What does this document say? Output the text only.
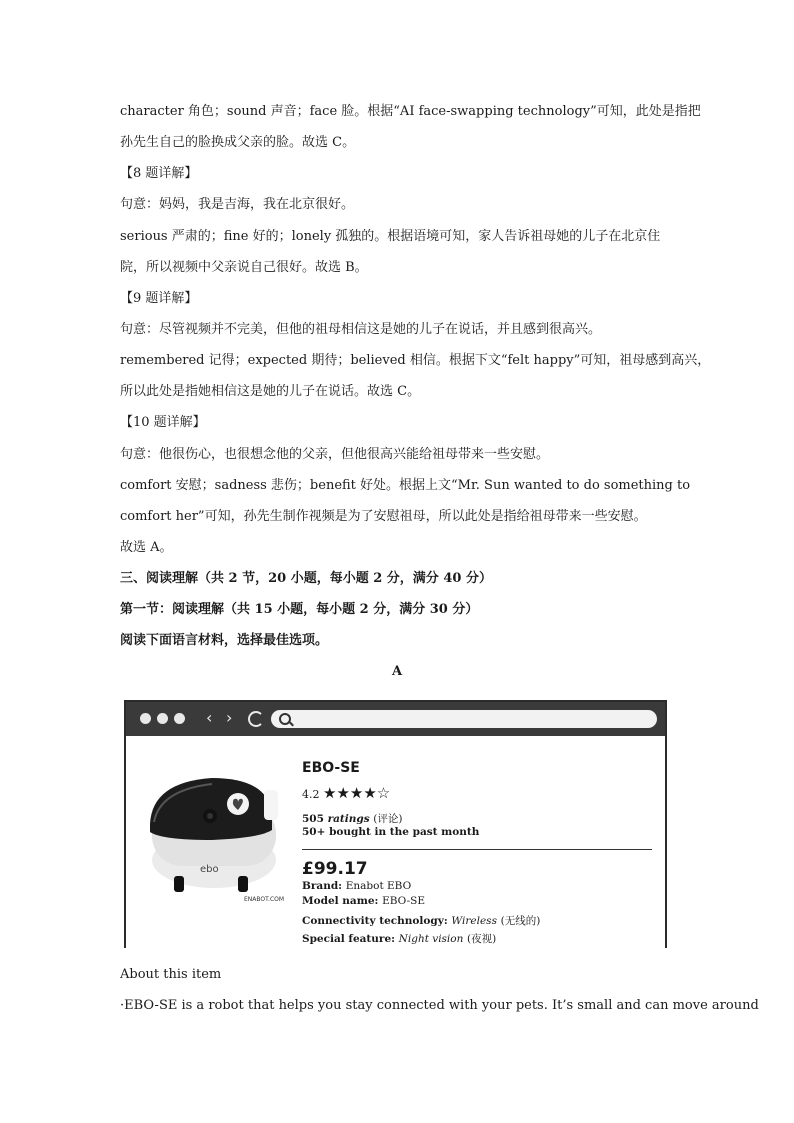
character 角色；sound 声音；face 脸。根据“AI face-swapping technology”可知，此处是指把
孙先生自己的脸换成父亲的脸。故选 C。
【8 题详解】
句意：妈妈，我是吉海，我在北京很好。
serious 严肃的；fine 好的；lonely 孤独的。根据语境可知，家人告诉祖母她的儿子在北京住
院，所以视频中父亲说自己很好。故选 B。
【9 题详解】
句意：尽管视频并不完美，但他的祖母相信这是她的儿子在说话，并且感到很高兴。
remembered 记得；expected 期待；believed 相信。根据下文“felt happy”可知，祖母感到高兴，
所以此处是指她相信这是她的儿子在说话。故选 C。
【10 题详解】
句意：他很伤心，也很想念他的父亲，但他很高兴能给祖母带来一些安慰。
comfort 安慰；sadness 悲伤；benefit 好处。根据上文“Mr. Sun wanted to do something to
comfort her”可知，孙先生制作视频是为了安慰祖母，所以此处是指给祖母带来一些安慰。
故选 A。
三、阅读理解（共 2 节，20 小题，每小题 2 分，满分 40 分）
第一节：阅读理解（共 15 小题，每小题 2 分，满分 30 分）
阅读下面语言材料，选择最佳选项。
A
‹ ›
ebo
ENABOT.COM
EBO-SE
4.2 ★★★★☆
505 ratings (评论)
50+ bought in the past month
£99.17
Brand: Enabot EBO
Model name: EBO-SE
Connectivity technology: Wireless (无线的)
Special feature: Night vision (夜视)
About this item
·EBO-SE is a robot that helps you stay connected with your pets. It’s small and can move around
